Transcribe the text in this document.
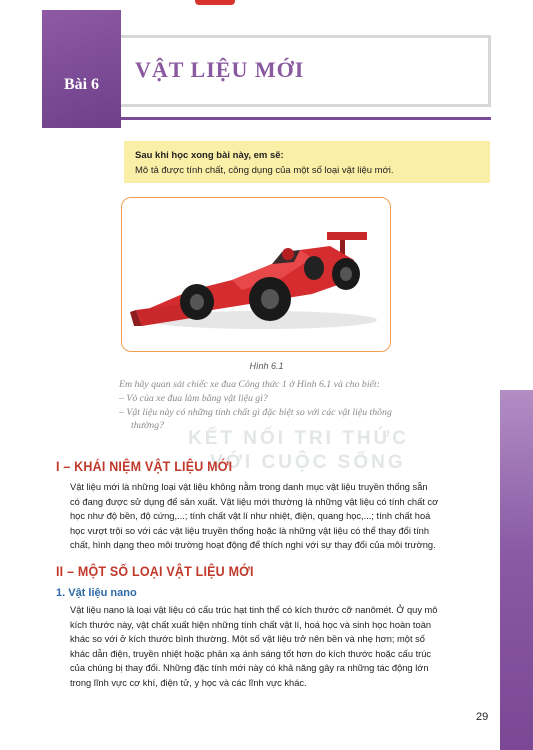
Bài 6
VẬT LIỆU MỚI
Sau khi học xong bài này, em sẽ:
Mô tả được tính chất, công dụng của một số loại vật liệu mới.
Hình 6.1
Em hãy quan sát chiếc xe đua Công thức 1 ở Hình 6.1 và cho biết:
– Vỏ của xe đua làm bằng vật liệu gì?
– Vật liệu này có những tính chất gì đặc biệt so với các vật liệu thông
thường?
KẾT NỐI TRI THỨC
VỚI CUỘC SỐNG
I – KHÁI NIỆM VẬT LIỆU MỚI
Vật liệu mới là những loại vật liệu không nằm trong danh mục vật liệu truyền thống sẵn
có đang được sử dụng để sản xuất. Vật liệu mới thường là những vật liệu có tính chất cơ
học như độ bền, độ cứng,...; tính chất vật lí như nhiệt, điện, quang học,...; tính chất hoá
học vượt trội so với các vật liệu truyền thống hoặc là những vật liệu có thể thay đổi tính
chất, hình dạng theo môi trường hoạt động để thích nghi với sự thay đổi của môi trường.
II – MỘT SỐ LOẠI VẬT LIỆU MỚI
1. Vật liệu nano
Vật liệu nano là loại vật liệu có cấu trúc hạt tinh thể có kích thước cỡ nanômét. Ở quy mô
kích thước này, vật chất xuất hiện những tính chất vật lí, hoá học và sinh học hoàn toàn
khác so với ở kích thước bình thường. Một số vật liệu trở nên bền và nhẹ hơn; một số
khác dẫn điện, truyền nhiệt hoặc phản xạ ánh sáng tốt hơn do kích thước hoặc cấu trúc
của chúng bị thay đổi. Những đặc tính mới này có khả năng gây ra những tác động lớn
trong lĩnh vực cơ khí, điện tử, y học và các lĩnh vực khác.
29
